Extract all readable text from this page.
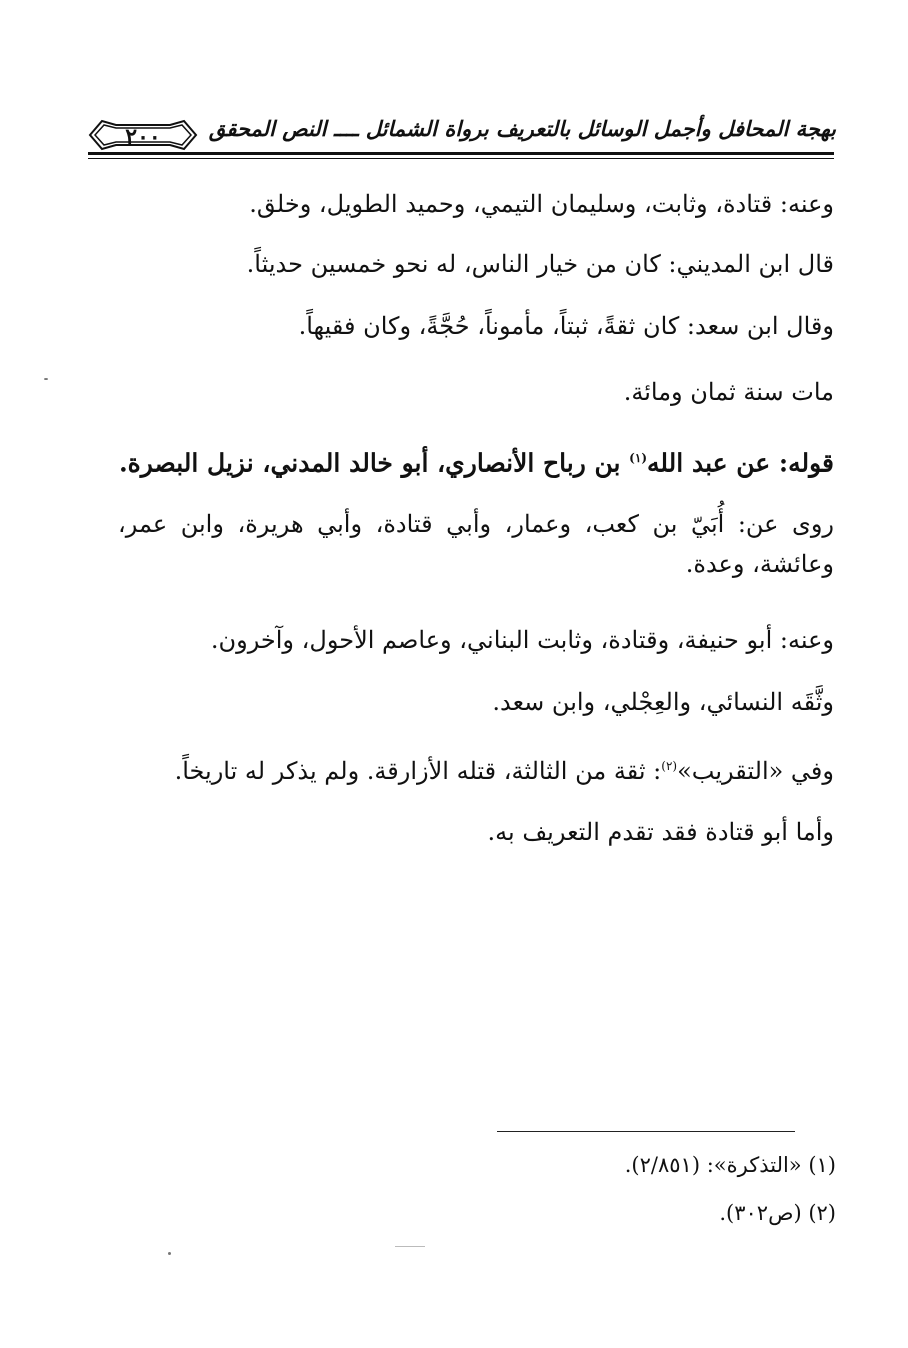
٢٠٠	بهجة المحافل وأجمل الوسائل بالتعريف برواة الشمائل ــــ النص المحقق
وعنه: قتادة، وثابت، وسليمان التيمي، وحميد الطويل، وخلق.
قال ابن المديني: كان من خيار الناس، له نحو خمسين حديثاً.
وقال ابن سعد: كان ثقةً، ثبتاً، مأموناً، حُجَّةً، وكان فقيهاً.
مات سنة ثمان ومائة.
قوله: عن عبد الله$^{(١)}$ بن رباح الأنصاري، أبو خالد المدني، نزيل البصرة.
روى عن: أُبَيّ بن كعب، وعمار، وأبي قتادة، وأبي هريرة، وابن عمر، وعائشة، وعدة.
وعنه: أبو حنيفة، وقتادة، وثابت البناني، وعاصم الأحول، وآخرون.
وثَّقَه النسائي، والعِجْلي، وابن سعد.
وفي «التقريب»$^{(٢)}$: ثقة من الثالثة، قتله الأزارقة. ولم يذكر له تاريخاً.
وأما أبو قتادة فقد تقدم التعريف به.
(١) «التذكرة»: (٢/٨٥١).
(٢) (ص٣٠٢).
